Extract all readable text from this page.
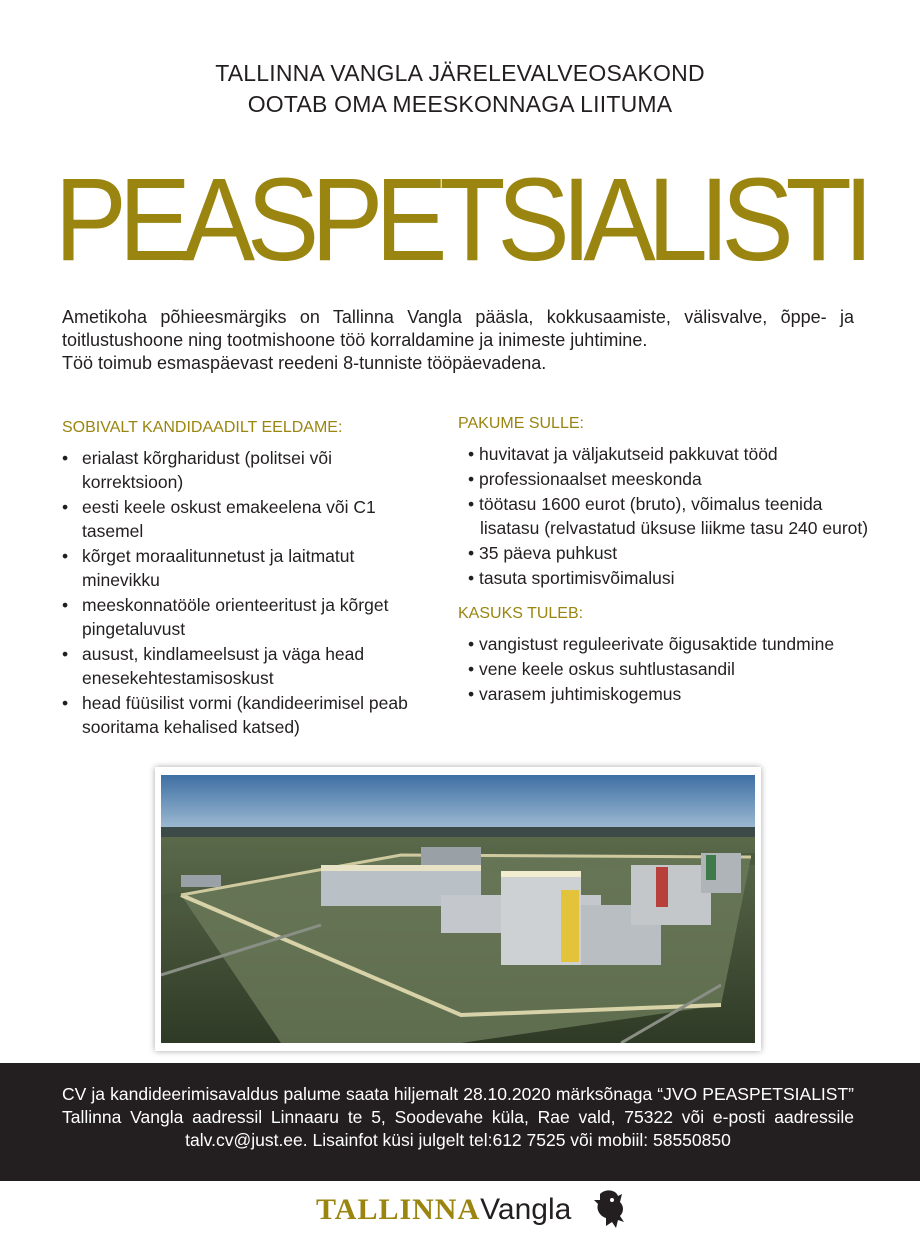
TALLINNA VANGLA JÄRELEVALVEOSAKOND
OOTAB OMA MEESKONNAGA LIITUMA
PEASPETSIALISTI

Ametikoha põhieesmärgiks on Tallinna Vangla pääsla, kokkusaamiste, välisvalve, õppe- ja toitlustushoone ning tootmishoone töö korraldamine ja inimeste juhtimine.

Töö toimub esmaspäevast reedeni 8-tunniste tööpäevadena.

SOBIVALT KANDIDAADILT EELDAME:
• erialast kõrgharidust (politsei või korrektsioon)
• eesti keele oskust emakeelena või C1 tasemel
• kõrget moraalitunnetust ja laitmatut minevikku
• meeskonnatööle orienteeritust ja kõrget pingetaluvust
• ausust, kindlameelsust ja väga head enesekehtestamisoskust
• head füüsilist vormi (kandideerimisel peab sooritama kehalised katsed)
PAKUME SULLE:
• huvitavat ja väljakutseid pakkuvat tööd
• professionaalset meeskonda
• töötasu 1600 eurot (bruto), võimalus teenida lisatasu (relvastatud üksuse liikme tasu 240 eurot)
• 35 päeva puhkust
• tasuta sportimisvõimalusi
KASUKS TULEB:
• vangistust reguleerivate õigusaktide tundmine
• vene keele oskus suhtlustasandil
• varasem juhtimiskogemus
CV ja kandideerimisavaldus palume saata hiljemalt 28.10.2020 märksõnaga “JVO PEASPETSIALIST” Tallinna Vangla aadressil Linnaaru te 5, Soodevahe küla, Rae vald, 75322 või e-posti aadressile talv.cv@just.ee. Lisainfot küsi julgelt tel:612 7525 või mobiil: 58550850
TALLINNAVangla
